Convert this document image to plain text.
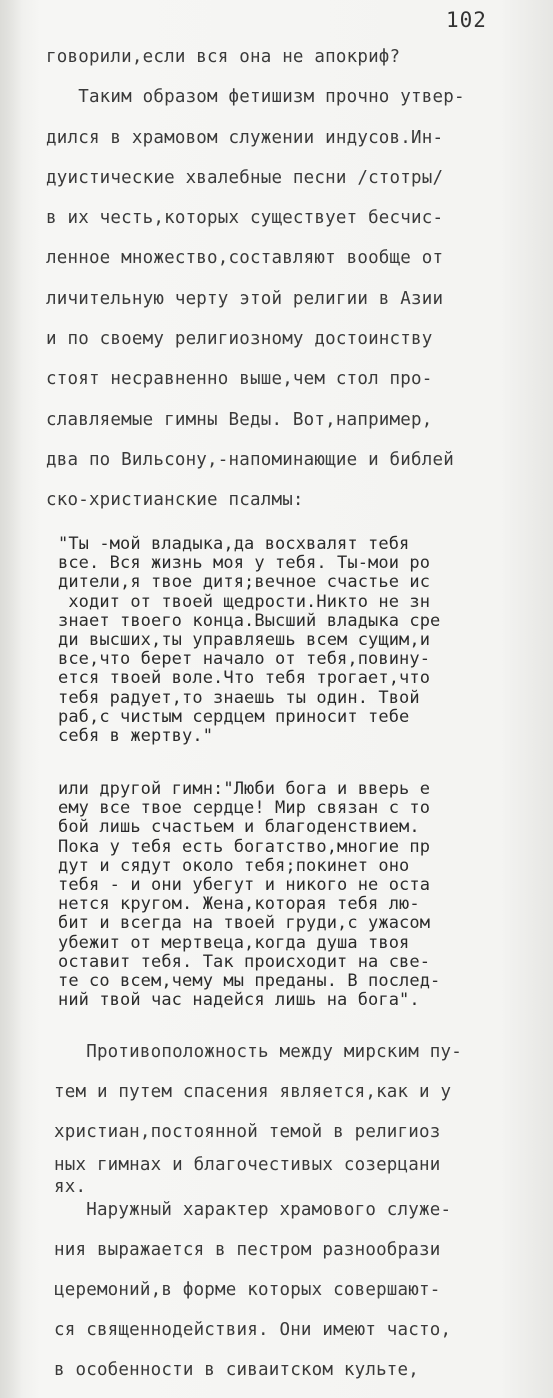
102
говорили,если вся она не апокриф?
Таким образом фетишизм прочно утвер-
дился в храмовом служении индусов.Ин-
дуистические хвалебные песни /стотры/
в их честь,которых существует бесчис-
ленное множество,составляют вообще от
личительную черту этой религии в Азии
и по своему религиозному достоинству
стоят несравненно выше,чем стол про-
славляемые гимны Веды. Вот,например,
два по Вильсону,-напоминающие и библей
ско-христианские псалмы:
"Ты -мой владыка,да восхвалят тебя
все. Вся жизнь моя у тебя. Ты-мои ро
дители,я твое дитя;вечное счастье ис
ходит от твоей щедрости.Никто не зн
знает твоего конца.Высший владыка сре
ди высших,ты управляешь всем сущим,и
все,что берет начало от тебя,повину-
ется твоей воле.Что тебя трогает,что
тебя радует,то знаешь ты один. Твой
раб,с чистым сердцем приносит тебе
себя в жертву."
или другой гимн:"Люби бога и вверь е
ему все твое сердце! Мир связан с то
бой лишь счастьем и благоденствием.
Пока у тебя есть богатство,многие пр
дут и сядут около тебя;покинет оно
тебя - и они убегут и никого не оста
нется кругом. Жена,которая тебя лю-
бит и всегда на твоей груди,с ужасом
убежит от мертвеца,когда душа твоя
оставит тебя. Так происходит на све-
те со всем,чему мы преданы. В послед-
ний твой час надейся лишь на бога".
Противоположность между мирским пу-
тем и путем спасения является,как и у
христиан,постоянной темой в религиоз
ных гимнах и благочестивых созерцани
ях.
Наружный характер храмового служе-
ния выражается в пестром разнообрази
церемоний,в форме которых совершают-
ся священнодействия. Они имеют часто,
в особенности в сиваитском культе,
